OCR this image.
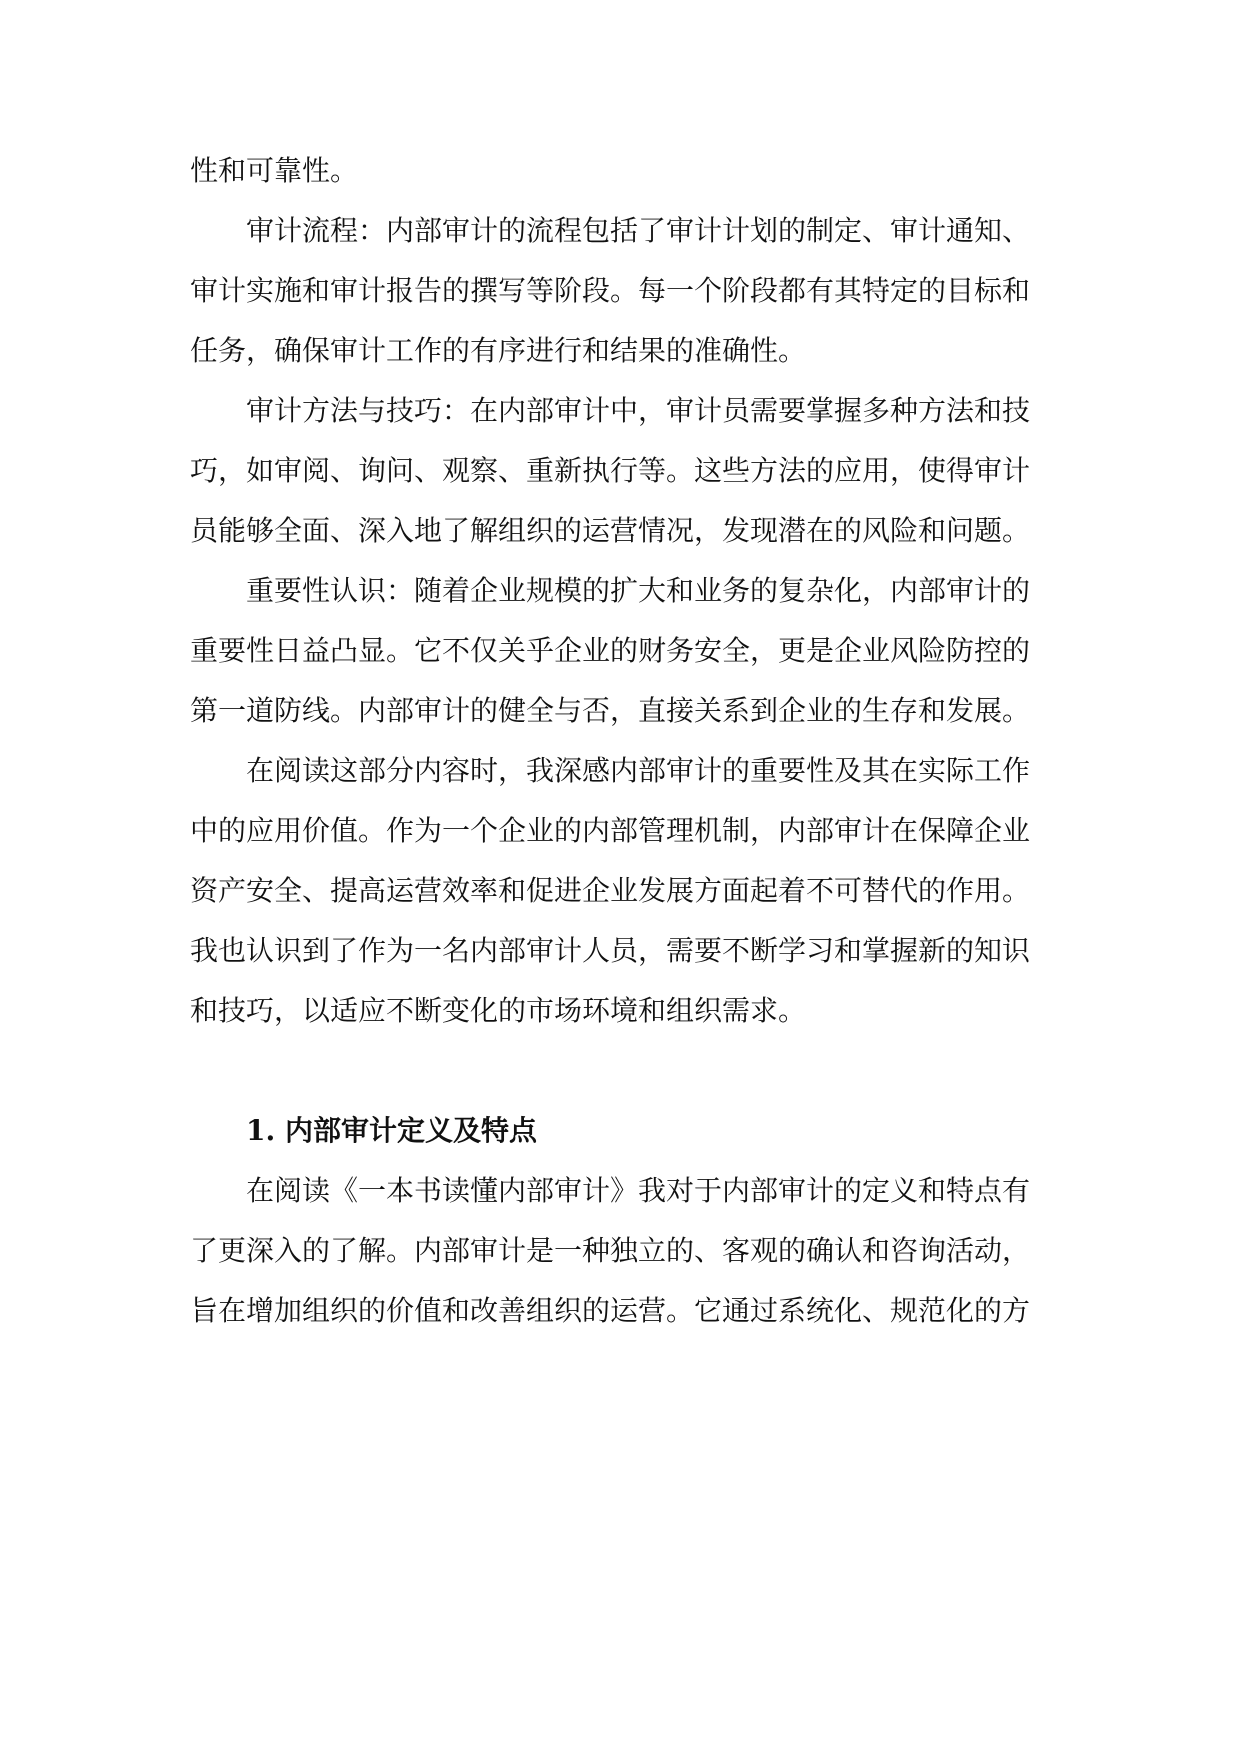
性和可靠性。

审计流程：内部审计的流程包括了审计计划的制定、审计通知、

审计实施和审计报告的撰写等阶段。每一个阶段都有其特定的目标和

任务，确保审计工作的有序进行和结果的准确性。

审计方法与技巧：在内部审计中，审计员需要掌握多种方法和技

巧，如审阅、询问、观察、重新执行等。这些方法的应用，使得审计

员能够全面、深入地了解组织的运营情况，发现潜在的风险和问题。

重要性认识：随着企业规模的扩大和业务的复杂化，内部审计的

重要性日益凸显。它不仅关乎企业的财务安全，更是企业风险防控的

第一道防线。内部审计的健全与否，直接关系到企业的生存和发展。

在阅读这部分内容时，我深感内部审计的重要性及其在实际工作

中的应用价值。作为一个企业的内部管理机制，内部审计在保障企业

资产安全、提高运营效率和促进企业发展方面起着不可替代的作用。

我也认识到了作为一名内部审计人员，需要不断学习和掌握新的知识

和技巧，以适应不断变化的市场环境和组织需求。

1. 内部审计定义及特点

在阅读《一本书读懂内部审计》我对于内部审计的定义和特点有

了更深入的了解。内部审计是一种独立的、客观的确认和咨询活动，

旨在增加组织的价值和改善组织的运营。它通过系统化、规范化的方
